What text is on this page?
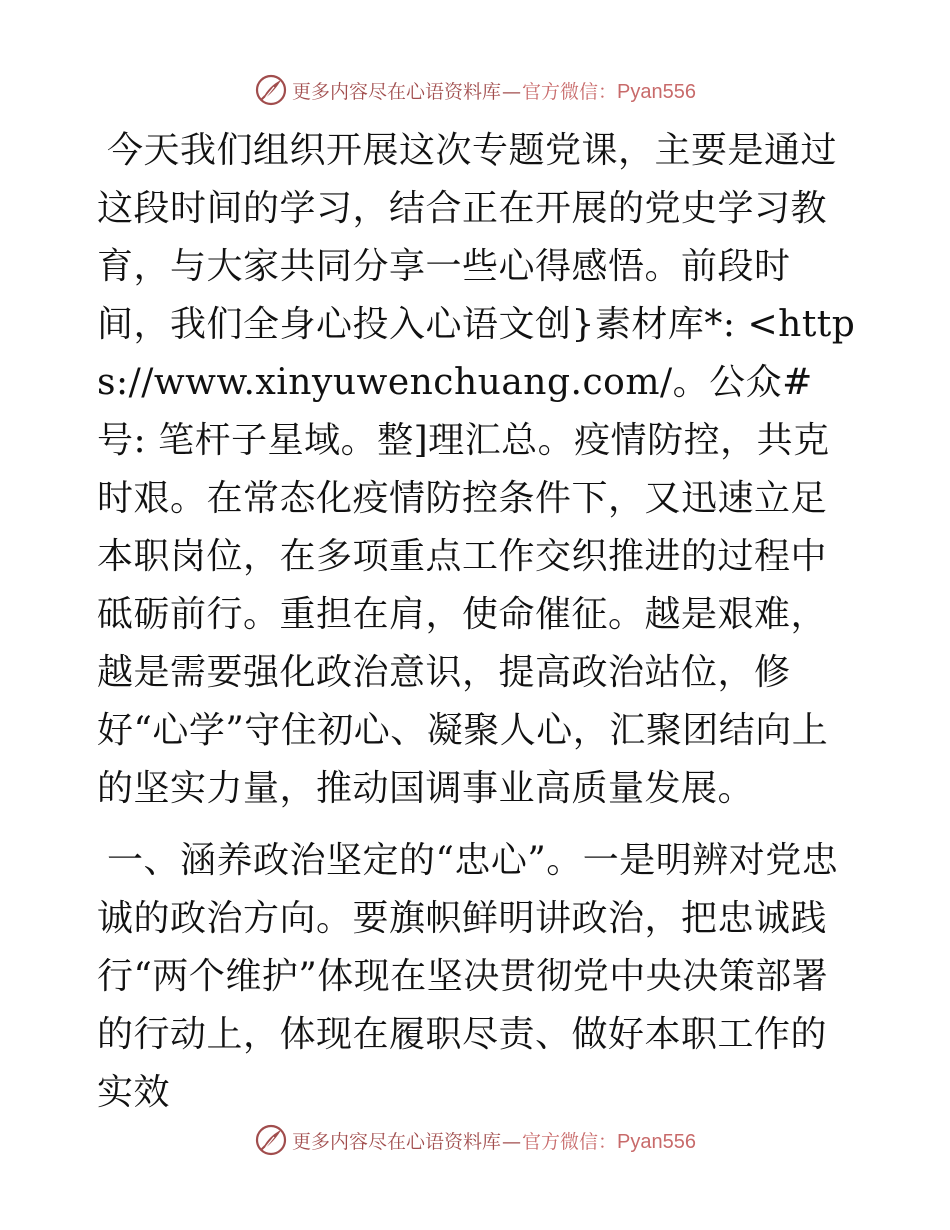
更多内容尽在心语资料库—官方微信：Pyan556

今天我们组织开展这次专题党课，主要是通过这段时间的学习，结合正在开展的党史学习教育，与大家共同分享一些心得感悟。前段时间，我们全身心投入心语文创}素材库*: <https://www.xinyuwenchuang.com/。公众#号: 笔杆子星域。整]理汇总。疫情防控，共克时艰。在常态化疫情防控条件下，又迅速立足本职岗位，在多项重点工作交织推进的过程中砥砺前行。重担在肩，使命催征。越是艰难，越是需要强化政治意识，提高政治站位，修好“心学”守住初心、凝聚人心，汇聚团结向上的坚实力量，推动国调事业高质量发展。

一、涵养政治坚定的“忠心”。一是明辨对党忠诚的政治方向。要旗帜鲜明讲政治，把忠诚践行“两个维护”体现在坚决贯彻党中央决策部署的行动上，体现在履职尽责、做好本职工作的实效

更多内容尽在心语资料库—官方微信：Pyan556
